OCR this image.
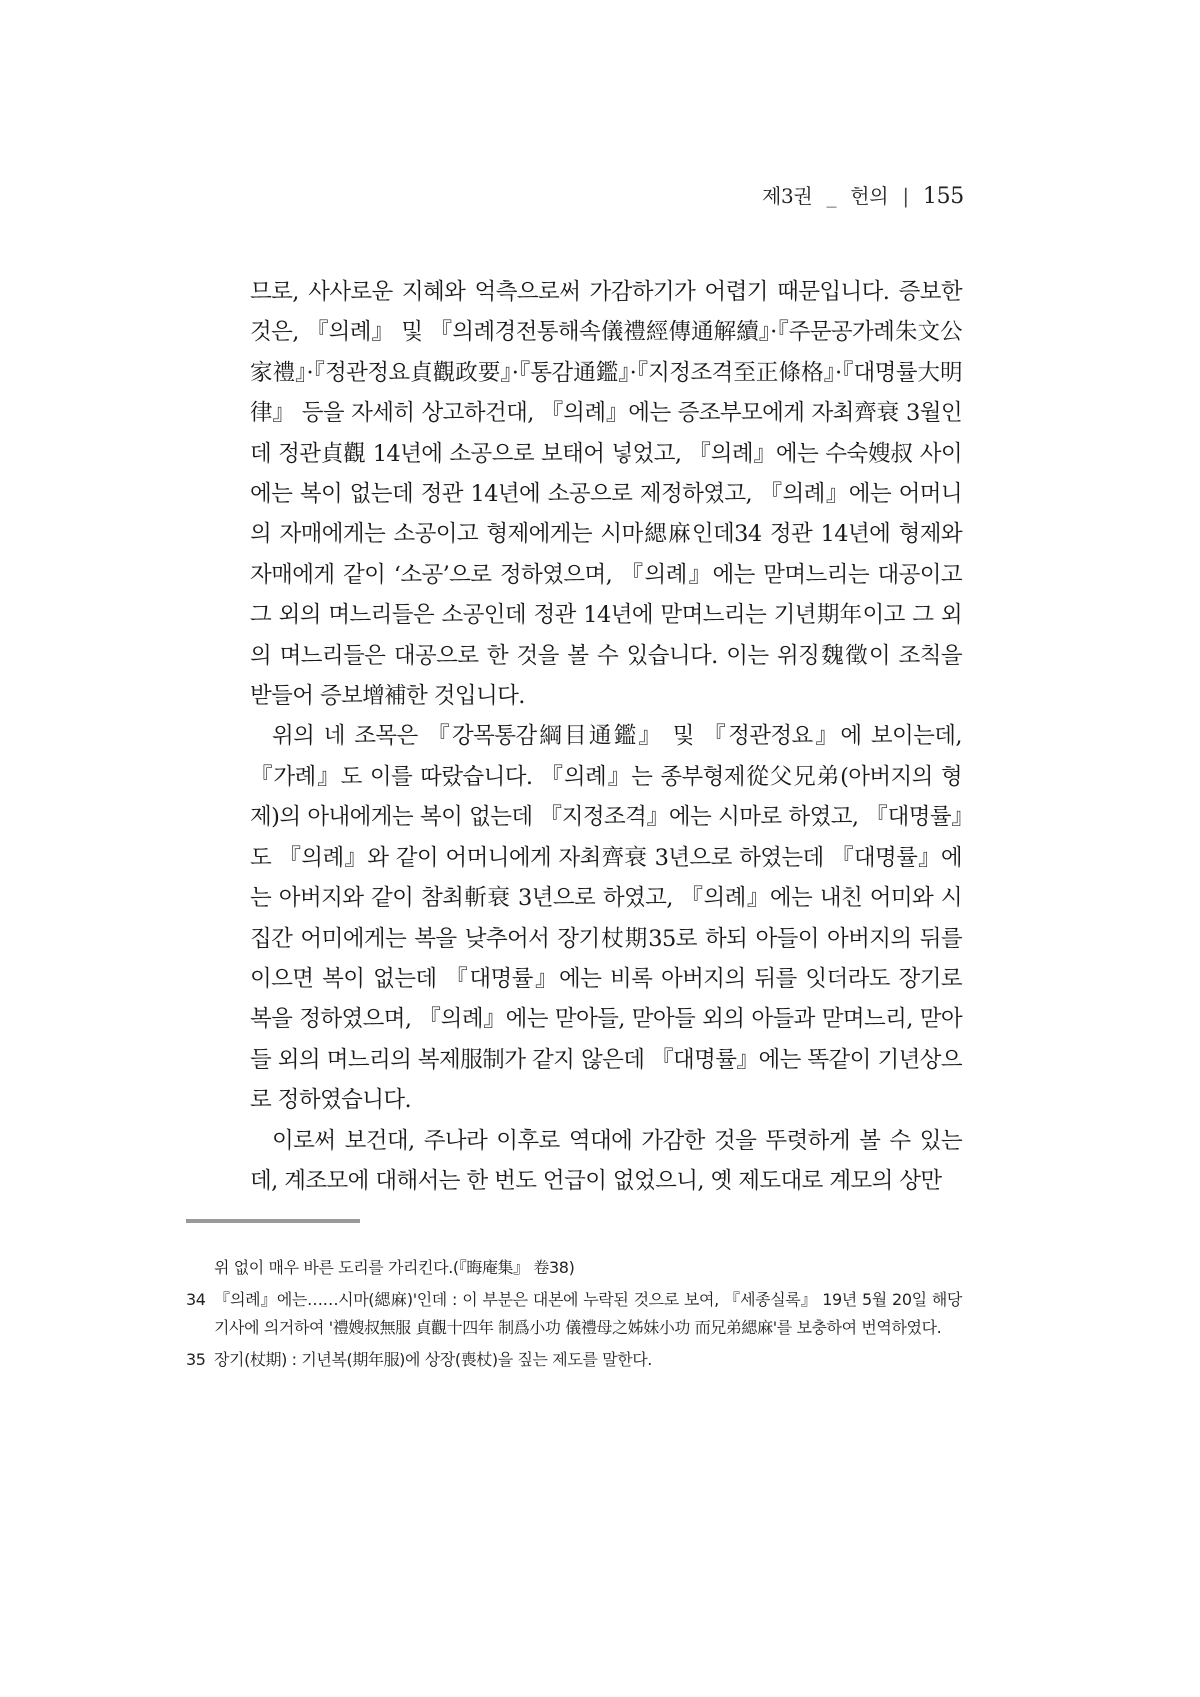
제3권 _ 헌의 | 155

므로, 사사로운 지혜와 억측으로써 가감하기가 어렵기 때문입니다. 증보한 것은, 『의례』 및 『의례경전통해속儀禮經傳通解續』·『주문공가례朱文公家禮』·『정관정요貞觀政要』·『통감通鑑』·『지정조격至正條格』·『대명률大明律』 등을 자세히 상고하건대, 『의례』에는 증조부모에게 자최齊衰 3월인데 정관貞觀 14년에 소공으로 보태어 넣었고, 『의례』에는 수숙嫂叔 사이에는 복이 없는데 정관 14년에 소공으로 제정하였고, 『의례』에는 어머니의 자매에게는 소공이고 형제에게는 시마緦麻인데34 정관 14년에 형제와 자매에게 같이 ‘소공’으로 정하였으며, 『의례』에는 맏며느리는 대공이고 그 외의 며느리들은 소공인데 정관 14년에 맏며느리는 기년期年이고 그 외의 며느리들은 대공으로 한 것을 볼 수 있습니다. 이는 위징魏徵이 조칙을 받들어 증보增補한 것입니다.

위의 네 조목은 『강목통감綱目通鑑』 및 『정관정요』에 보이는데, 『가례』도 이를 따랐습니다. 『의례』는 종부형제從父兄弟(아버지의 형제)의 아내에게는 복이 없는데 『지정조격』에는 시마로 하였고, 『대명률』도 『의례』와 같이 어머니에게 자최齊衰 3년으로 하였는데 『대명률』에는 아버지와 같이 참최斬衰 3년으로 하였고, 『의례』에는 내친 어미와 시집간 어미에게는 복을 낮추어서 장기杖期35로 하되 아들이 아버지의 뒤를 이으면 복이 없는데 『대명률』에는 비록 아버지의 뒤를 잇더라도 장기로 복을 정하였으며, 『의례』에는 맏아들, 맏아들 외의 아들과 맏며느리, 맏아들 외의 며느리의 복제服制가 같지 않은데 『대명률』에는 똑같이 기년상으로 정하였습니다.

이로써 보건대, 주나라 이후로 역대에 가감한 것을 뚜렷하게 볼 수 있는데, 계조모에 대해서는 한 번도 언급이 없었으니, 옛 제도대로 계모의 상만

위 없이 매우 바른 도리를 가리킨다.(『晦庵集』 卷38)
34 『의례』에는……시마(緦麻)'인데 : 이 부분은 대본에 누락된 것으로 보여, 『세종실록』 19년 5월 20일 해당 기사에 의거하여 '禮嫂叔無服 貞觀十四年 制爲小功 儀禮母之姊妹小功 而兄弟緦麻'를 보충하여 번역하였다.
35 장기(杖期) : 기년복(期年服)에 상장(喪杖)을 짚는 제도를 말한다.
